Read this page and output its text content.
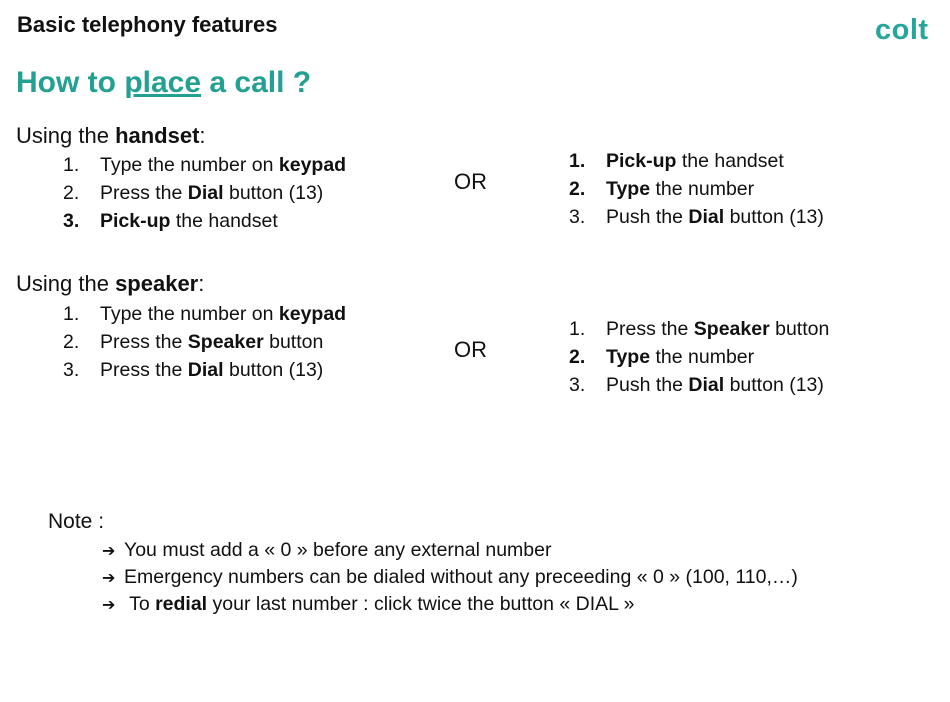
Basic telephony features	colt
How to place a call ?
Using the handset:
1. Type the number on keypad
2. Press the Dial button (13)
3. Pick-up the handset
OR
1. Pick-up the handset
2. Type the number
3. Push the Dial button (13)
Using the speaker:
1. Type the number on keypad
2. Press the Speaker button
3. Press the Dial button (13)
OR
1. Press the Speaker button
2. Type the number
3. Push the Dial button (13)
Note :
➔ You must add a « 0 » before any external number
➔ Emergency numbers can be dialed without any preceeding « 0 » (100, 110,…)
➔ To redial your last number : click twice the button « DIAL »
